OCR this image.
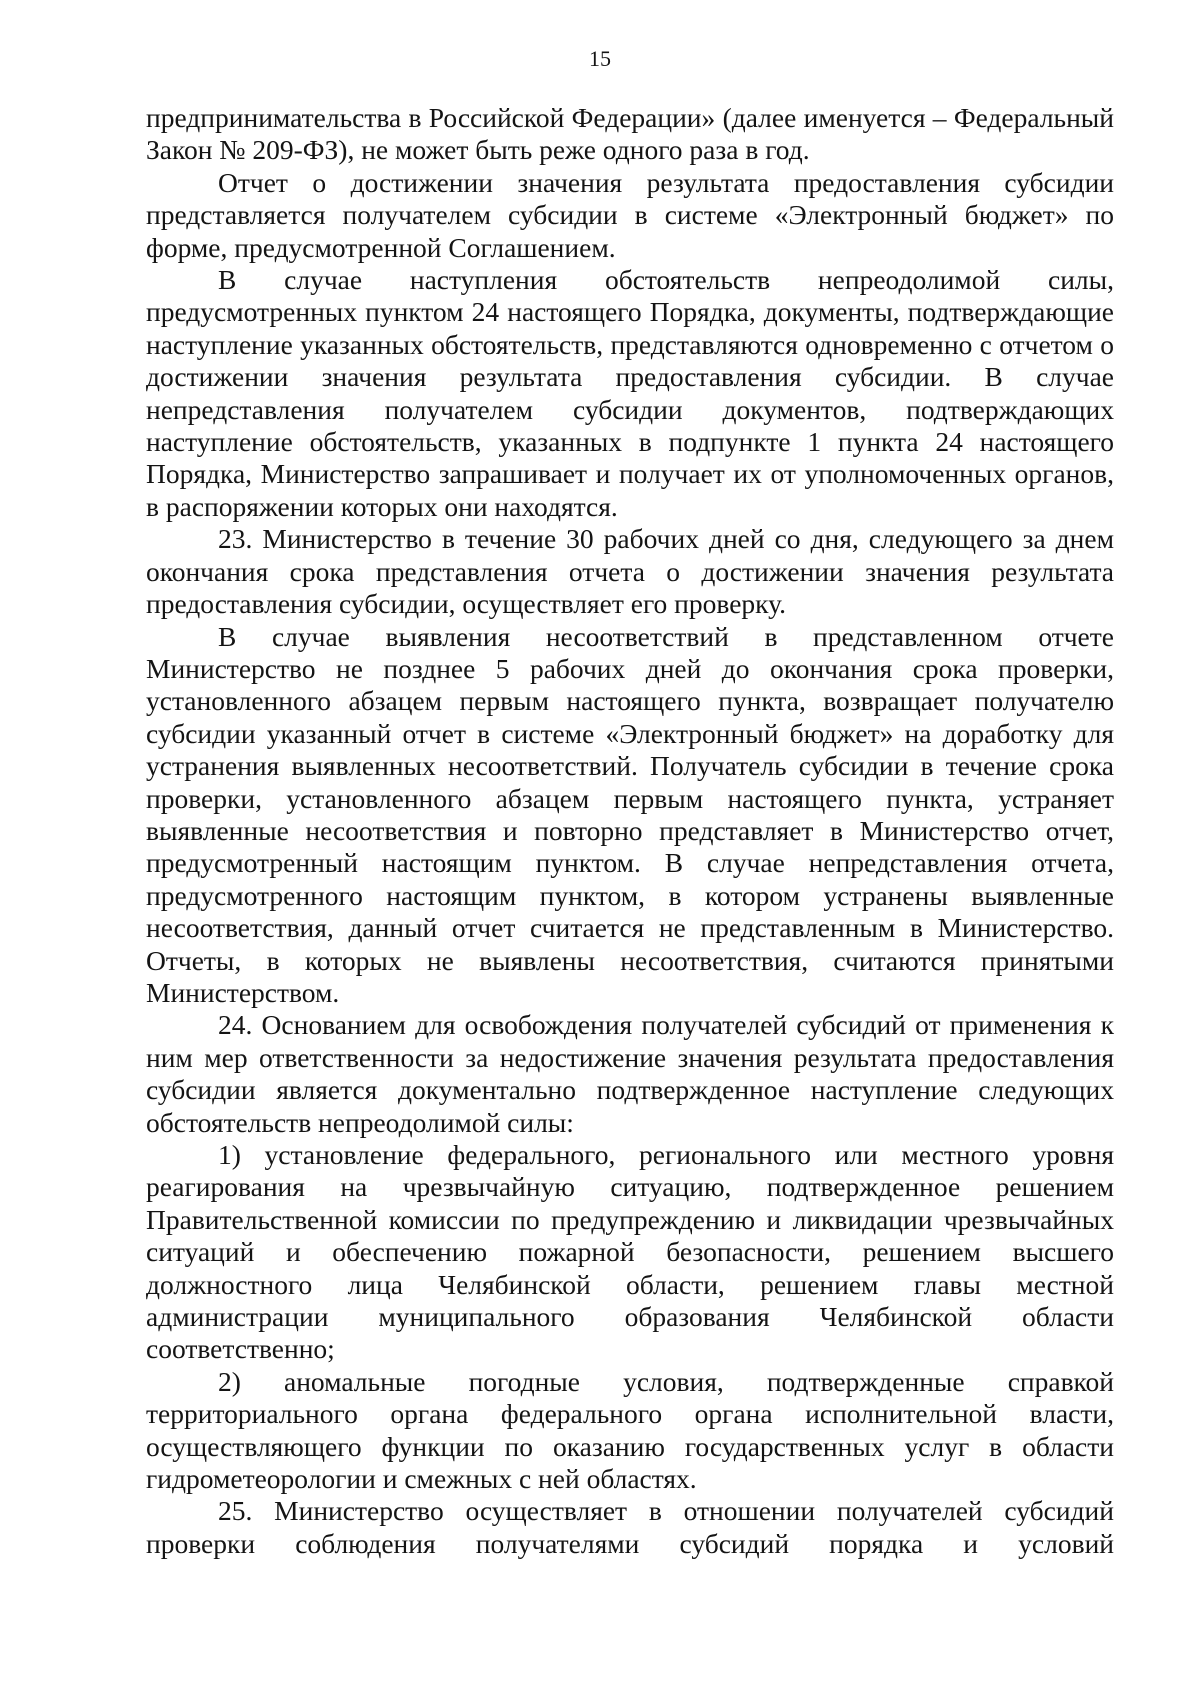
15

предпринимательства в Российской Федерации» (далее именуется – Федеральный Закон № 209-ФЗ), не может быть реже одного раза в год.

Отчет о достижении значения результата предоставления субсидии представляется получателем субсидии в системе «Электронный бюджет» по форме, предусмотренной Соглашением.

В случае наступления обстоятельств непреодолимой силы, предусмотренных пунктом 24 настоящего Порядка, документы, подтверждающие наступление указанных обстоятельств, представляются одновременно с отчетом о достижении значения результата предоставления субсидии. В случае непредставления получателем субсидии документов, подтверждающих наступление обстоятельств, указанных в подпункте 1 пункта 24 настоящего Порядка, Министерство запрашивает и получает их от уполномоченных органов, в распоряжении которых они находятся.

23. Министерство в течение 30 рабочих дней со дня, следующего за днем окончания срока представления отчета о достижении значения результата предоставления субсидии, осуществляет его проверку.

В случае выявления несоответствий в представленном отчете Министерство не позднее 5 рабочих дней до окончания срока проверки, установленного абзацем первым настоящего пункта, возвращает получателю субсидии указанный отчет в системе «Электронный бюджет» на доработку для устранения выявленных несоответствий. Получатель субсидии в течение срока проверки, установленного абзацем первым настоящего пункта, устраняет выявленные несоответствия и повторно представляет в Министерство отчет, предусмотренный настоящим пунктом. В случае непредставления отчета, предусмотренного настоящим пунктом, в котором устранены выявленные несоответствия, данный отчет считается не представленным в Министерство. Отчеты, в которых не выявлены несоответствия, считаются принятыми Министерством.

24. Основанием для освобождения получателей субсидий от применения к ним мер ответственности за недостижение значения результата предоставления субсидии является документально подтвержденное наступление следующих обстоятельств непреодолимой силы:

1) установление федерального, регионального или местного уровня реагирования на чрезвычайную ситуацию, подтвержденное решением Правительственной комиссии по предупреждению и ликвидации чрезвычайных ситуаций и обеспечению пожарной безопасности, решением высшего должностного лица Челябинской области, решением главы местной администрации муниципального образования Челябинской области соответственно;

2) аномальные погодные условия, подтвержденные справкой территориального органа федерального органа исполнительной власти, осуществляющего функции по оказанию государственных услуг в области гидрометеорологии и смежных с ней областях.

25. Министерство осуществляет в отношении получателей субсидий проверки соблюдения получателями субсидий порядка и условий
